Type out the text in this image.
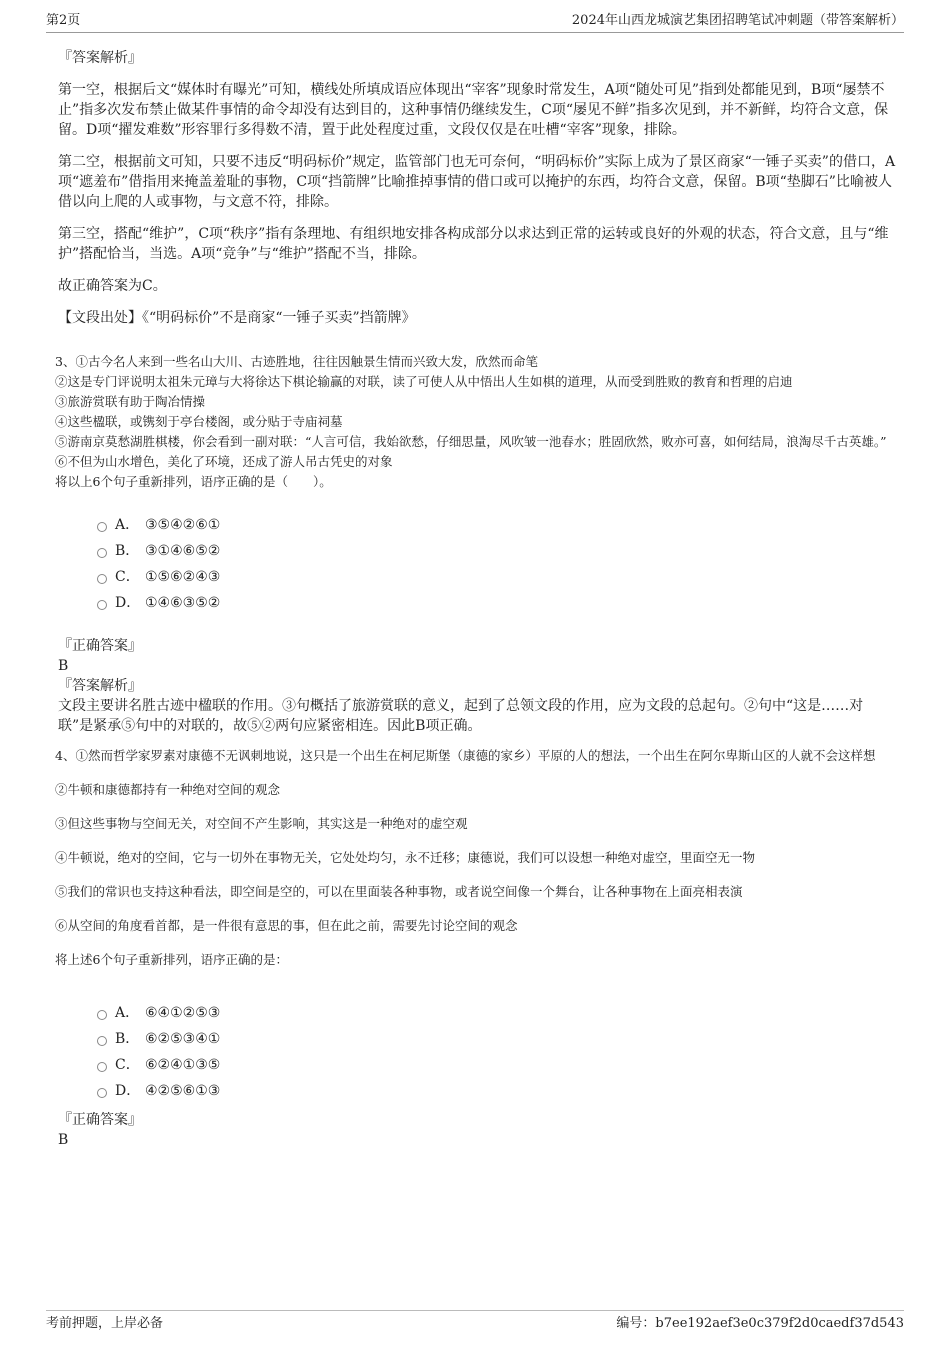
第2页	2024年山西龙城演艺集团招聘笔试冲刺题（带答案解析）

『答案解析』

第一空，根据后文“媒体时有曝光”可知，横线处所填成语应体现出“宰客”现象时常发生，A项“随处可见”指到处都能见到，B项“屡禁不止”指多次发布禁止做某件事情的命令却没有达到目的，这种事情仍继续发生，C项“屡见不鲜”指多次见到，并不新鲜，均符合文意，保留。D项“擢发难数”形容罪行多得数不清，置于此处程度过重，文段仅仅是在吐槽“宰客”现象，排除。

第二空，根据前文可知，只要不违反“明码标价”规定，监管部门也无可奈何，“明码标价”实际上成为了景区商家“一锤子买卖”的借口，A项“遮羞布”借指用来掩盖羞耻的事物，C项“挡箭牌”比喻推掉事情的借口或可以掩护的东西，均符合文意，保留。B项“垫脚石”比喻被人借以向上爬的人或事物，与文意不符，排除。

第三空，搭配“维护”，C项“秩序”指有条理地、有组织地安排各构成部分以求达到正常的运转或良好的外观的状态，符合文意，且与“维护”搭配恰当，当选。A项“竞争”与“维护”搭配不当，排除。

故正确答案为C。

【文段出处】《“明码标价”不是商家“一锤子买卖”挡箭牌》

3、①古今名人来到一些名山大川、古迹胜地，往往因触景生情而兴致大发，欣然而命笔

②这是专门评说明太祖朱元璋与大将徐达下棋论输赢的对联，读了可使人从中悟出人生如棋的道理，从而受到胜败的教育和哲理的启迪

③旅游赏联有助于陶冶情操

④这些楹联，或镌刻于亭台楼阁，或分贴于寺庙祠墓

⑤游南京莫愁湖胜棋楼，你会看到一副对联：“人言可信，我始欲愁，仔细思量，风吹皱一池春水；胜固欣然，败亦可喜，如何结局，浪淘尽千古英雄。”

⑥不但为山水增色，美化了环境，还成了游人吊古凭史的对象

将以上6个句子重新排列，语序正确的是（　　）。

A． ③⑤④②⑥①
B． ③①④⑥⑤②
C． ①⑤⑥②④③
D． ①④⑥③⑤②

『正确答案』

B

『答案解析』

文段主要讲名胜古迹中楹联的作用。③句概括了旅游赏联的意义，起到了总领文段的作用，应为文段的总起句。②句中“这是……对联”是紧承⑤句中的对联的，故⑤②两句应紧密相连。因此B项正确。

4、①然而哲学家罗素对康德不无讽刺地说，这只是一个出生在柯尼斯堡（康德的家乡）平原的人的想法，一个出生在阿尔卑斯山区的人就不会这样想

②牛顿和康德都持有一种绝对空间的观念

③但这些事物与空间无关，对空间不产生影响，其实这是一种绝对的虚空观

④牛顿说，绝对的空间，它与一切外在事物无关，它处处均匀，永不迁移；康德说，我们可以设想一种绝对虚空，里面空无一物

⑤我们的常识也支持这种看法，即空间是空的，可以在里面装各种事物，或者说空间像一个舞台，让各种事物在上面亮相表演

⑥从空间的角度看首都，是一件很有意思的事，但在此之前，需要先讨论空间的观念

将上述6个句子重新排列，语序正确的是：

A． ⑥④①②⑤③
B． ⑥②⑤③④①
C． ⑥②④①③⑤
D． ④②⑤⑥①③

『正确答案』

B

考前押题，上岸必备	编号：b7ee192aef3e0c379f2d0caedf37d543
